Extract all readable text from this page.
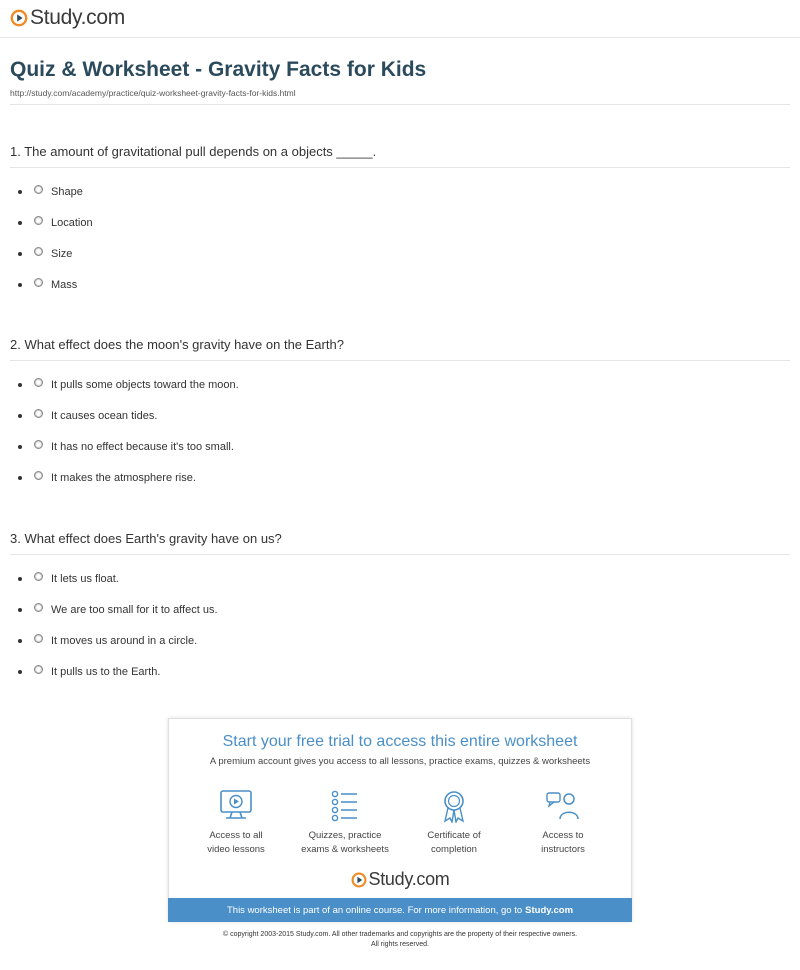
Study.com
Quiz & Worksheet - Gravity Facts for Kids
http://study.com/academy/practice/quiz-worksheet-gravity-facts-for-kids.html
1. The amount of gravitational pull depends on a objects _____.
Shape
Location
Size
Mass
2. What effect does the moon's gravity have on the Earth?
It pulls some objects toward the moon.
It causes ocean tides.
It has no effect because it's too small.
It makes the atmosphere rise.
3. What effect does Earth's gravity have on us?
It lets us float.
We are too small for it to affect us.
It moves us around in a circle.
It pulls us to the Earth.
Start your free trial to access this entire worksheet
A premium account gives you access to all lessons, practice exams, quizzes & worksheets
Access to all
video lessons
Quizzes, practice
exams & worksheets
Certificate of
completion
Access to
instructors
Study.com
This worksheet is part of an online course. For more information, go to Study.com
© copyright 2003-2015 Study.com. All other trademarks and copyrights are the property of their respective owners.
All rights reserved.
